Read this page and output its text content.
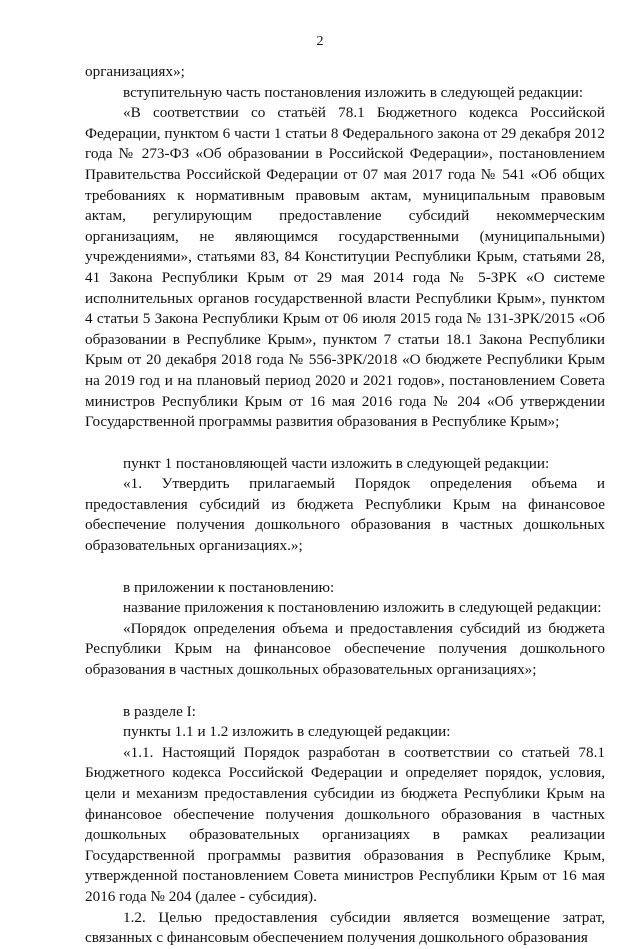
2

организациях»;

вступительную часть постановления изложить в следующей редакции:

«В соответствии со статьёй 78.1 Бюджетного кодекса Российской Федерации, пунктом 6 части 1 статьи 8 Федерального закона от 29 декабря 2012 года № 273-ФЗ «Об образовании в Российской Федерации», постановлением Правительства Российской Федерации от 07 мая 2017 года № 541 «Об общих требованиях к нормативным правовым актам, муниципальным правовым актам, регулирующим предоставление субсидий некоммерческим организациям, не являющимся государственными (муниципальными) учреждениями», статьями 83, 84 Конституции Республики Крым, статьями 28, 41 Закона Республики Крым от 29 мая 2014 года № 5-ЗРК «О системе исполнительных органов государственной власти Республики Крым», пунктом 4 статьи 5 Закона Республики Крым от 06 июля 2015 года № 131-ЗРК/2015 «Об образовании в Республике Крым», пунктом 7 статьи 18.1 Закона Республики Крым от 20 декабря 2018 года № 556-ЗРК/2018 «О бюджете Республики Крым на 2019 год и на плановый период 2020 и 2021 годов», постановлением Совета министров Республики Крым от 16 мая 2016 года № 204 «Об утверждении Государственной программы развития образования в Республике Крым»;

пункт 1 постановляющей части изложить в следующей редакции:

«1. Утвердить прилагаемый Порядок определения объема и предоставления субсидий из бюджета Республики Крым на финансовое обеспечение получения дошкольного образования в частных дошкольных образовательных организациях.»;

в приложении к постановлению:

название приложения к постановлению изложить в следующей редакции:

«Порядок определения объема и предоставления субсидий из бюджета Республики Крым на финансовое обеспечение получения дошкольного образования в частных дошкольных образовательных организациях»;

в разделе I:

пункты 1.1 и 1.2 изложить в следующей редакции:

«1.1. Настоящий Порядок разработан в соответствии со статьей 78.1 Бюджетного кодекса Российской Федерации и определяет порядок, условия, цели и механизм предоставления субсидии из бюджета Республики Крым на финансовое обеспечение получения дошкольного образования в частных дошкольных образовательных организациях в рамках реализации Государственной программы развития образования в Республике Крым, утвержденной постановлением Совета министров Республики Крым от 16 мая 2016 года № 204 (далее - субсидия).

1.2. Целью предоставления субсидии является возмещение затрат, связанных с финансовым обеспечением получения дошкольного образования
